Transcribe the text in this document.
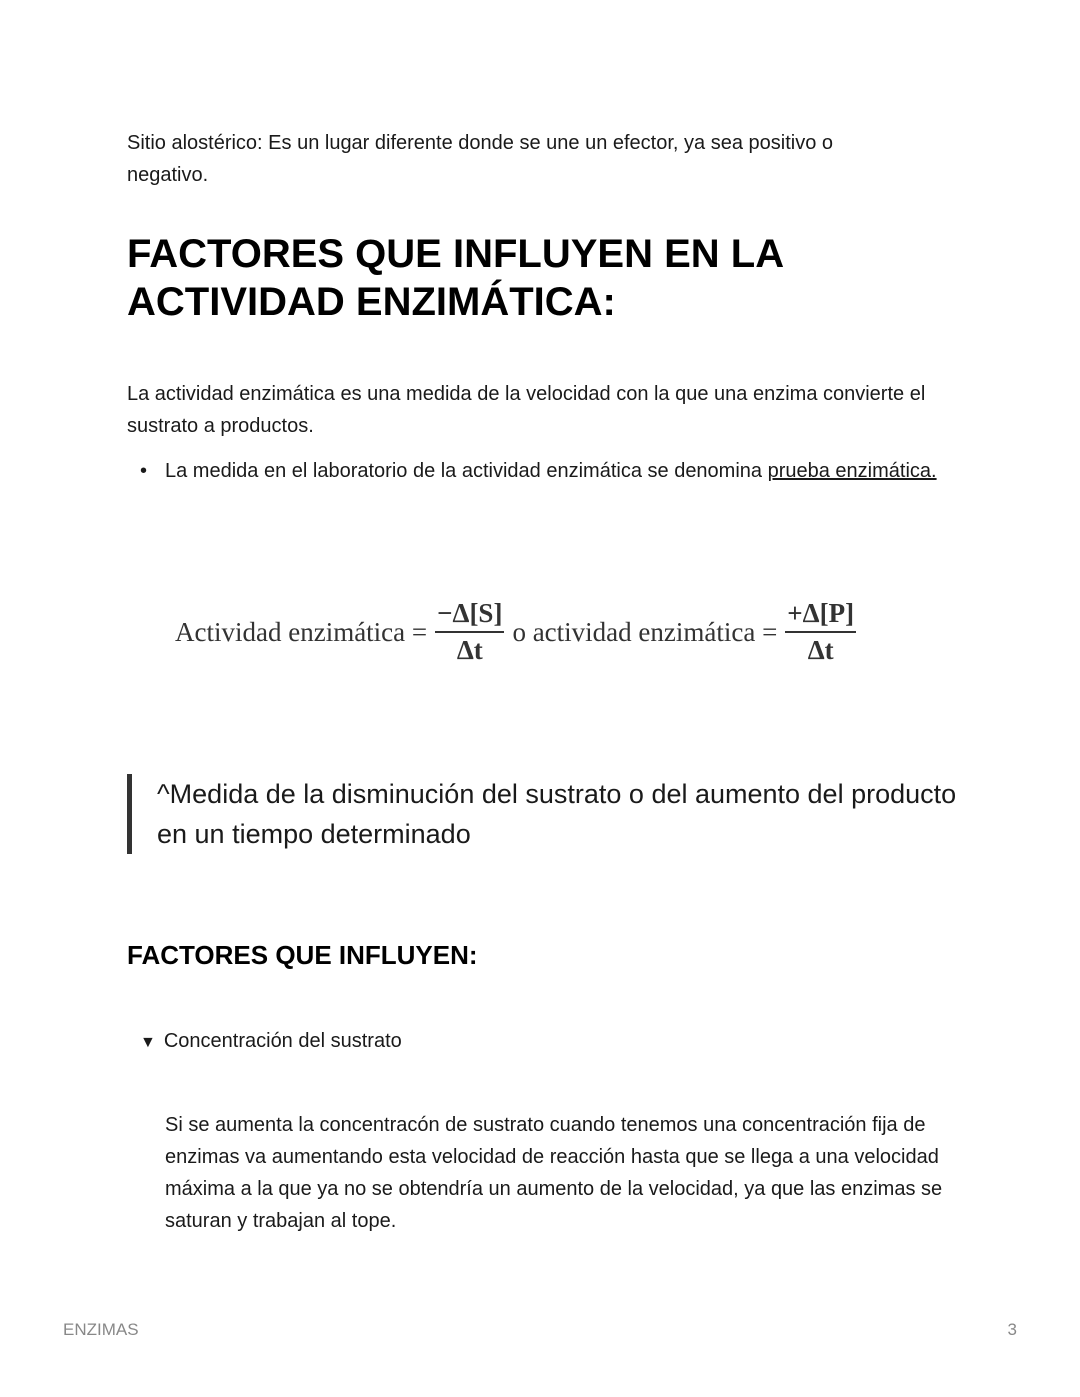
Sitio alostérico: Es un lugar diferente donde se une un efector, ya sea positivo o negativo.

FACTORES QUE INFLUYEN EN LA ACTIVIDAD ENZIMÁTICA:

La actividad enzimática es una medida de la velocidad con la que una enzima convierte el sustrato a productos.

• La medida en el laboratorio de la actividad enzimática se denomina prueba enzimática.
Actividad enzimática = $\frac{-\Delta[S]}{\Delta t}$ o actividad enzimática = $\frac{+\Delta[P]}{\Delta t}$
^Medida de la disminución del sustrato o del aumento del producto en un tiempo determinado
FACTORES QUE INFLUYEN:
▼ Concentración del sustrato

Si se aumenta la concentracón de sustrato cuando tenemos una concentración fija de enzimas va aumentando esta velocidad de reacción hasta que se llega a una velocidad máxima a la que ya no se obtendría un aumento de la velocidad, ya que las enzimas se saturan y trabajan al tope.

ENZIMAS	3
